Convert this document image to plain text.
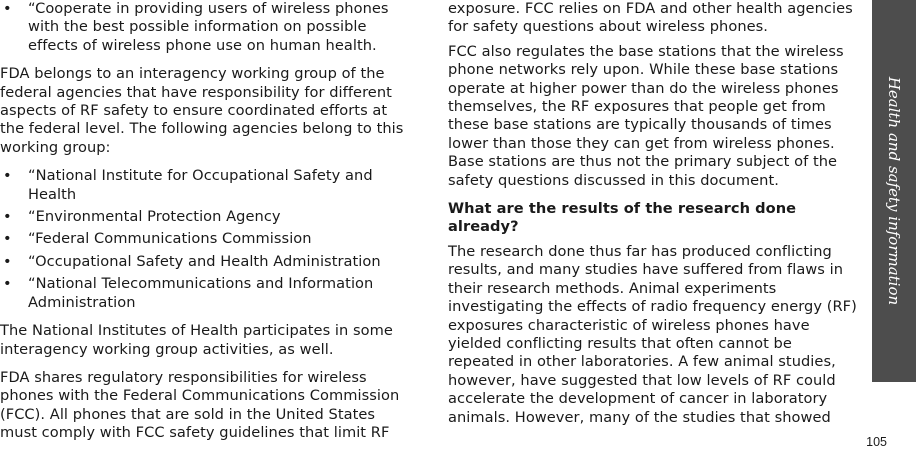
• “Cooperate in providing users of wireless phones with the best possible information on possible effects of wireless phone use on human health.

FDA belongs to an interagency working group of the federal agencies that have responsibility for different aspects of RF safety to ensure coordinated efforts at the federal level. The following agencies belong to this working group:

• “National Institute for Occupational Safety and Health
• “Environmental Protection Agency
• “Federal Communications Commission
• “Occupational Safety and Health Administration
• “National Telecommunications and Information Administration

The National Institutes of Health participates in some interagency working group activities, as well.

FDA shares regulatory responsibilities for wireless phones with the Federal Communications Commission (FCC). All phones that are sold in the United States must comply with FCC safety guidelines that limit RF

exposure. FCC relies on FDA and other health agencies for safety questions about wireless phones.

FCC also regulates the base stations that the wireless phone networks rely upon. While these base stations operate at higher power than do the wireless phones themselves, the RF exposures that people get from these base stations are typically thousands of times lower than those they can get from wireless phones. Base stations are thus not the primary subject of the safety questions discussed in this document.

What are the results of the research done already?

The research done thus far has produced conflicting results, and many studies have suffered from flaws in their research methods. Animal experiments investigating the effects of radio frequency energy (RF) exposures characteristic of wireless phones have yielded conflicting results that often cannot be repeated in other laboratories. A few animal studies, however, have suggested that low levels of RF could accelerate the development of cancer in laboratory animals. However, many of the studies that showed

Health and safety information
105
